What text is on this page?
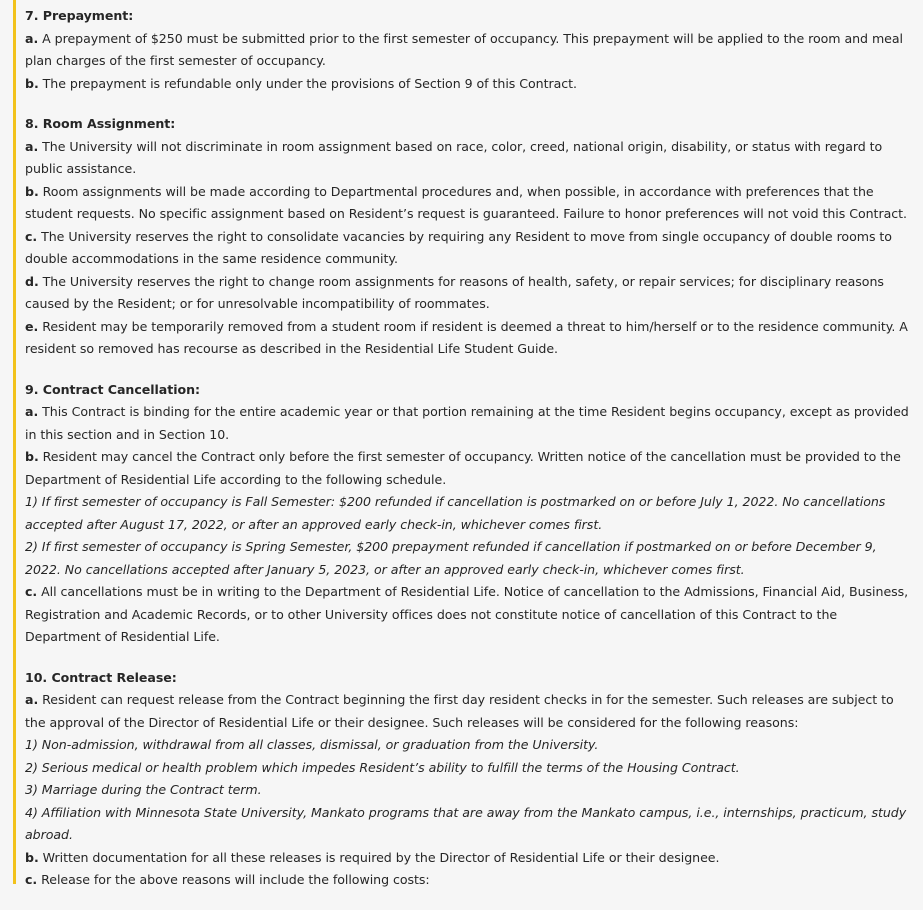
7. Prepayment:

a. A prepayment of $250 must be submitted prior to the first semester of occupancy. This prepayment will be applied to the room and meal plan charges of the first semester of occupancy.

b. The prepayment is refundable only under the provisions of Section 9 of this Contract.

8. Room Assignment:

a. The University will not discriminate in room assignment based on race, color, creed, national origin, disability, or status with regard to public assistance.

b. Room assignments will be made according to Departmental procedures and, when possible, in accordance with preferences that the student requests. No specific assignment based on Resident’s request is guaranteed. Failure to honor preferences will not void this Contract.

c. The University reserves the right to consolidate vacancies by requiring any Resident to move from single occupancy of double rooms to double accommodations in the same residence community.

d. The University reserves the right to change room assignments for reasons of health, safety, or repair services; for disciplinary reasons caused by the Resident; or for unresolvable incompatibility of roommates.

e. Resident may be temporarily removed from a student room if resident is deemed a threat to him/herself or to the residence community. A resident so removed has recourse as described in the Residential Life Student Guide.

9. Contract Cancellation:

a. This Contract is binding for the entire academic year or that portion remaining at the time Resident begins occupancy, except as provided in this section and in Section 10.

b. Resident may cancel the Contract only before the first semester of occupancy. Written notice of the cancellation must be provided to the Department of Residential Life according to the following schedule.

1) If first semester of occupancy is Fall Semester: $200 refunded if cancellation is postmarked on or before July 1, 2022. No cancellations accepted after August 17, 2022, or after an approved early check-in, whichever comes first.

2) If first semester of occupancy is Spring Semester, $200 prepayment refunded if cancellation if postmarked on or before December 9, 2022. No cancellations accepted after January 5, 2023, or after an approved early check-in, whichever comes first.

c. All cancellations must be in writing to the Department of Residential Life. Notice of cancellation to the Admissions, Financial Aid, Business, Registration and Academic Records, or to other University offices does not constitute notice of cancellation of this Contract to the Department of Residential Life.

10. Contract Release:

a. Resident can request release from the Contract beginning the first day resident checks in for the semester. Such releases are subject to the approval of the Director of Residential Life or their designee. Such releases will be considered for the following reasons:

1) Non-admission, withdrawal from all classes, dismissal, or graduation from the University.

2) Serious medical or health problem which impedes Resident’s ability to fulfill the terms of the Housing Contract.

3) Marriage during the Contract term.

4) Affiliation with Minnesota State University, Mankato programs that are away from the Mankato campus, i.e., internships, practicum, study abroad.

b. Written documentation for all these releases is required by the Director of Residential Life or their designee.

c. Release for the above reasons will include the following costs:
